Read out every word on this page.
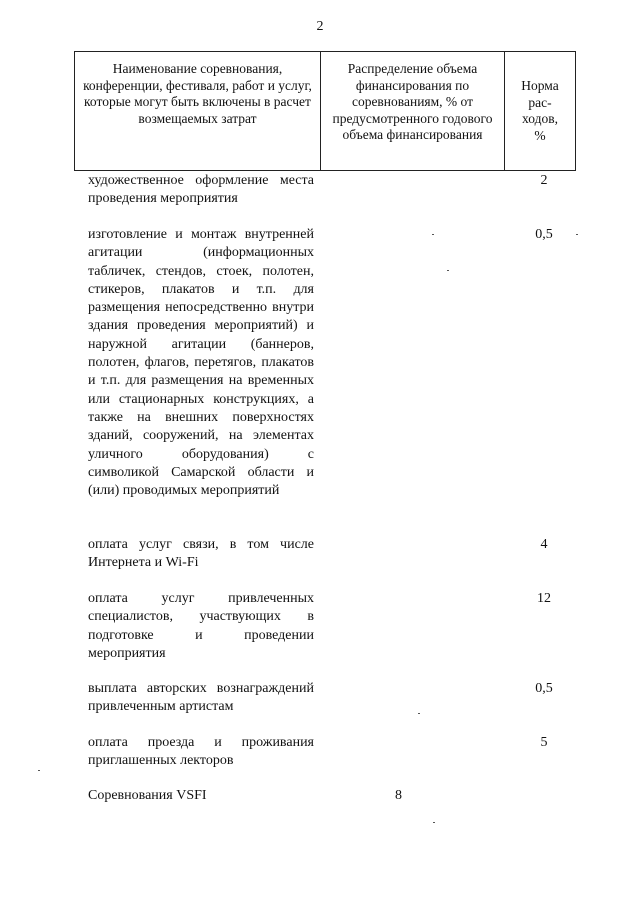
2
Наименование соревнования, конференции, фестиваля, работ и услуг, которые могут быть включены в расчет возмещаемых затрат
Распределение объема финансирования по соревнованиям, % от предусмотренного годового объема финансирования
Норма рас-ходов, %
художественное оформление места проведения мероприятия
2
изготовление и монтаж внутренней агитации (информационных табличек, стендов, стоек, полотен, стикеров, плакатов и т.п. для размещения непосредственно внутри здания проведения мероприятий) и наружной агитации (баннеров, полотен, флагов, перетягов, плакатов и т.п. для размещения на временных или стационарных конструкциях, а также на внешних поверхностях зданий, сооружений, на элементах уличного оборудования) с символикой Самарской области и (или) проводимых мероприятий
0,5
оплата услуг связи, в том числе Интернета и Wi-Fi
4
оплата услуг привлеченных специалистов, участвующих в подготовке и проведении мероприятия
12
выплата авторских вознаграждений привлеченным артистам
0,5
оплата проезда и проживания приглашенных лекторов
5
Соревнования VSFI	8
